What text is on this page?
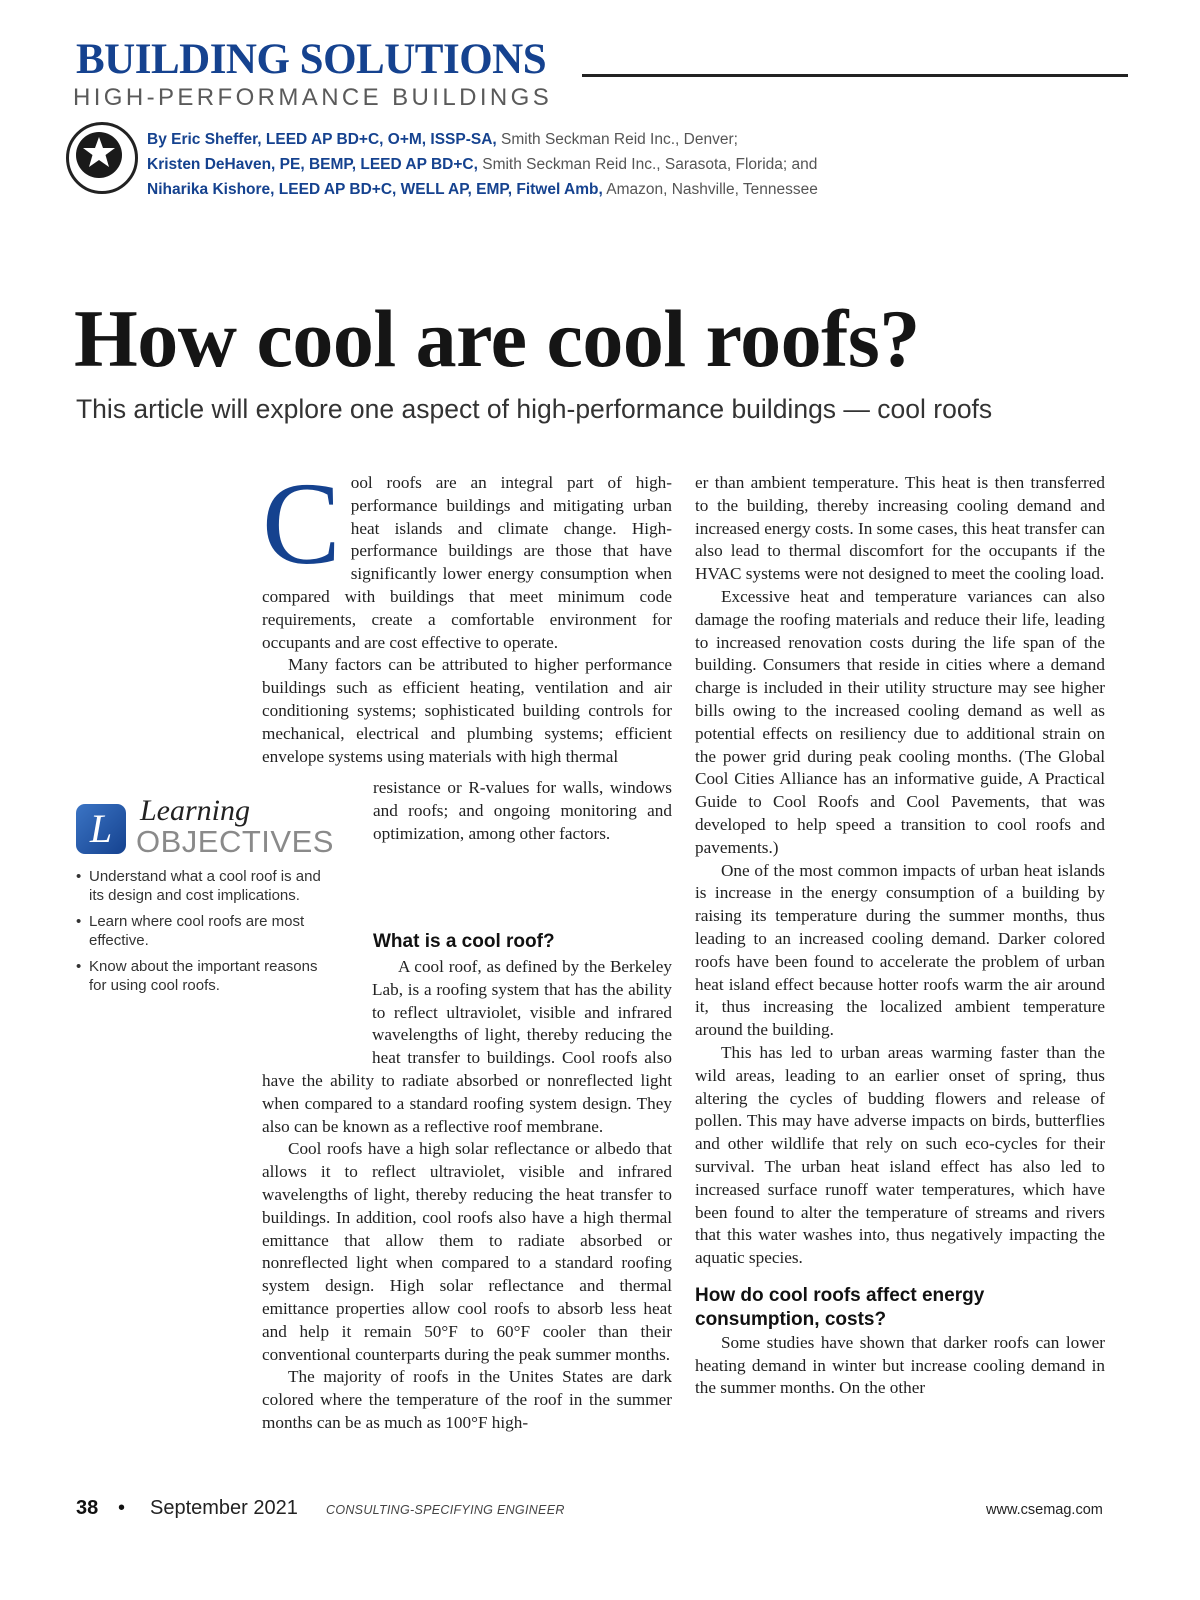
BUILDING SOLUTIONS
HIGH-PERFORMANCE BUILDINGS
By Eric Sheffer, LEED AP BD+C, O+M, ISSP-SA, Smith Seckman Reid Inc., Denver;
Kristen DeHaven, PE, BEMP, LEED AP BD+C, Smith Seckman Reid Inc., Sarasota, Florida; and
Niharika Kishore, LEED AP BD+C, WELL AP, EMP, Fitwel Amb, Amazon, Nashville, Tennessee
How cool are cool roofs?
This article will explore one aspect of high-performance buildings — cool roofs
L Learning
OBJECTIVES
• Understand what a cool roof is and its design and cost implications.
• Learn where cool roofs are most effective.
• Know about the important reasons for using cool roofs.
C ool roofs are an integral part of high-performance buildings and mitigating urban heat islands and climate change. High-performance buildings are those that have significantly lower energy consumption when compared with buildings that meet minimum code requirements, create a comfortable environment for occupants and are cost effective to operate.

Many factors can be attributed to higher performance buildings such as efficient heating, ventilation and air conditioning systems; sophisticated building controls for mechanical, electrical and plumbing systems; efficient envelope systems using materials with high thermal

resistance or R-values for walls, windows and roofs; and ongoing monitoring and optimization, among other factors.

What is a cool roof?

A cool roof, as defined by the Berkeley Lab, is a roofing system that has the ability to reflect ultraviolet, visible and infrared wavelengths of light, thereby reducing the heat transfer to buildings. Cool roofs also have the ability to radiate absorbed or nonreflected light when compared to a standard roofing system design. They also can be known as a reflective roof membrane.

Cool roofs have a high solar reflectance or albedo that allows it to reflect ultraviolet, visible and infrared wavelengths of light, thereby reducing the heat transfer to buildings. In addition, cool roofs also have a high thermal emittance that allow them to radiate absorbed or nonreflected light when compared to a standard roofing system design. High solar reflectance and thermal emittance properties allow cool roofs to absorb less heat and help it remain 50°F to 60°F cooler than their conventional counterparts during the peak summer months.

The majority of roofs in the Unites States are dark colored where the temperature of the roof in the summer months can be as much as 100°F high-

er than ambient temperature. This heat is then transferred to the building, thereby increasing cooling demand and increased energy costs. In some cases, this heat transfer can also lead to thermal discomfort for the occupants if the HVAC systems were not designed to meet the cooling load.

Excessive heat and temperature variances can also damage the roofing materials and reduce their life, leading to increased renovation costs during the life span of the building. Consumers that reside in cities where a demand charge is included in their utility structure may see higher bills owing to the increased cooling demand as well as potential effects on resiliency due to additional strain on the power grid during peak cooling months. (The Global Cool Cities Alliance has an informative guide, A Practical Guide to Cool Roofs and Cool Pavements, that was developed to help speed a transition to cool roofs and pavements.)

One of the most common impacts of urban heat islands is increase in the energy consumption of a building by raising its temperature during the summer months, thus leading to an increased cooling demand. Darker colored roofs have been found to accelerate the problem of urban heat island effect because hotter roofs warm the air around it, thus increasing the localized ambient temperature around the building.

This has led to urban areas warming faster than the wild areas, leading to an earlier onset of spring, thus altering the cycles of budding flowers and release of pollen. This may have adverse impacts on birds, butterflies and other wildlife that rely on such eco-cycles for their survival. The urban heat island effect has also led to increased surface runoff water temperatures, which have been found to alter the temperature of streams and rivers that this water washes into, thus negatively impacting the aquatic species.

How do cool roofs affect energy consumption, costs?

Some studies have shown that darker roofs can lower heating demand in winter but increase cooling demand in the summer months. On the other

38 • September 2021 CONSULTING-SPECIFYING ENGINEER	www.csemag.com
